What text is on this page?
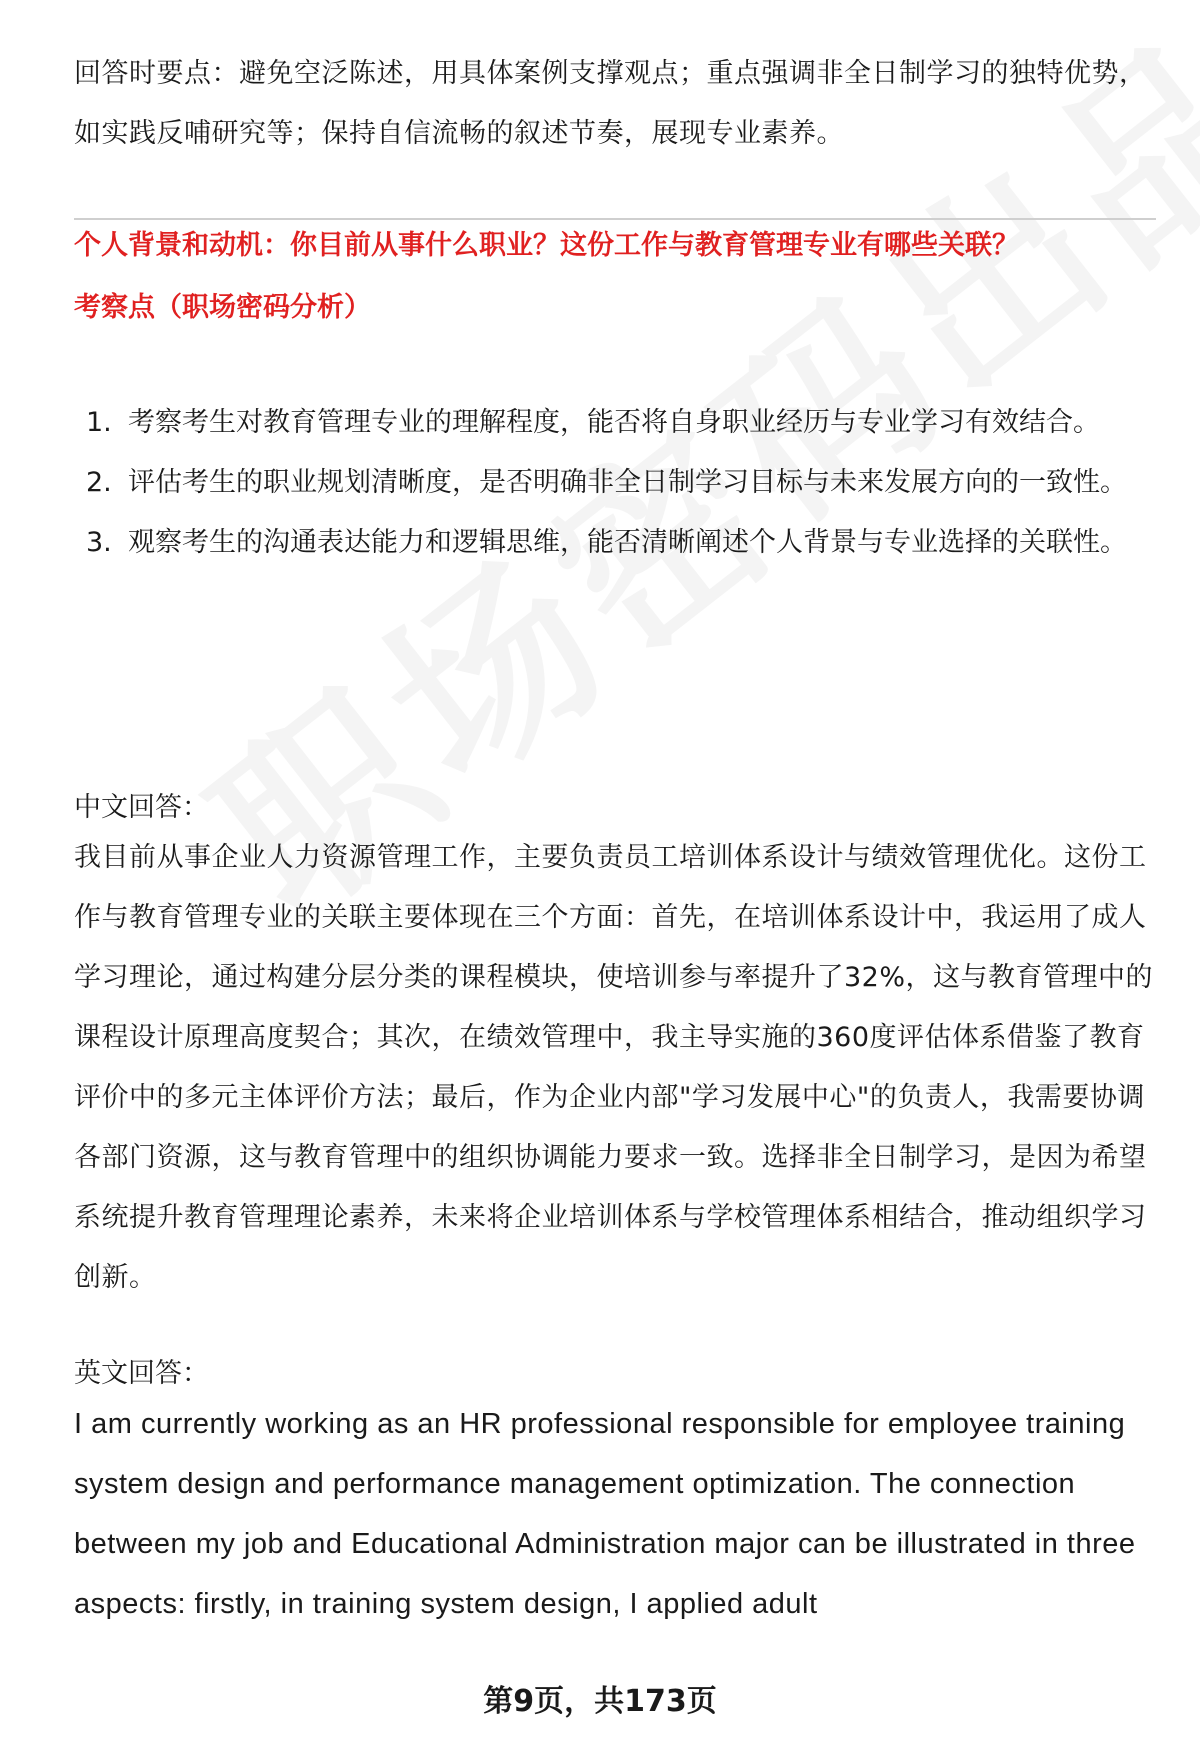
回答时要点：避免空泛陈述，用具体案例支撑观点；重点强调非全日制学习的独特优势，如实践反哺研究等；保持自信流畅的叙述节奏，展现专业素养。

个人背景和动机：你目前从事什么职业？这份工作与教育管理专业有哪些关联？
考察点（职场密码分析）
1. 考察考生对教育管理专业的理解程度，能否将自身职业经历与专业学习有效结合。
2. 评估考生的职业规划清晰度，是否明确非全日制学习目标与未来发展方向的一致性。
3. 观察考生的沟通表达能力和逻辑思维，能否清晰阐述个人背景与专业选择的关联性。

中文回答：

我目前从事企业人力资源管理工作，主要负责员工培训体系设计与绩效管理优化。这份工作与教育管理专业的关联主要体现在三个方面：首先，在培训体系设计中，我运用了成人学习理论，通过构建分层分类的课程模块，使培训参与率提升了32%，这与教育管理中的课程设计原理高度契合；其次，在绩效管理中，我主导实施的360度评估体系借鉴了教育评价中的多元主体评价方法；最后，作为企业内部"学习发展中心"的负责人，我需要协调各部门资源，这与教育管理中的组织协调能力要求一致。选择非全日制学习，是因为希望系统提升教育管理理论素养，未来将企业培训体系与学校管理体系相结合，推动组织学习创新。

英文回答：

I am currently working as an HR professional responsible for employee training system design and performance management optimization. The connection between my job and Educational Administration major can be illustrated in three aspects: firstly, in training system design, I applied adult

第9页，共173页
